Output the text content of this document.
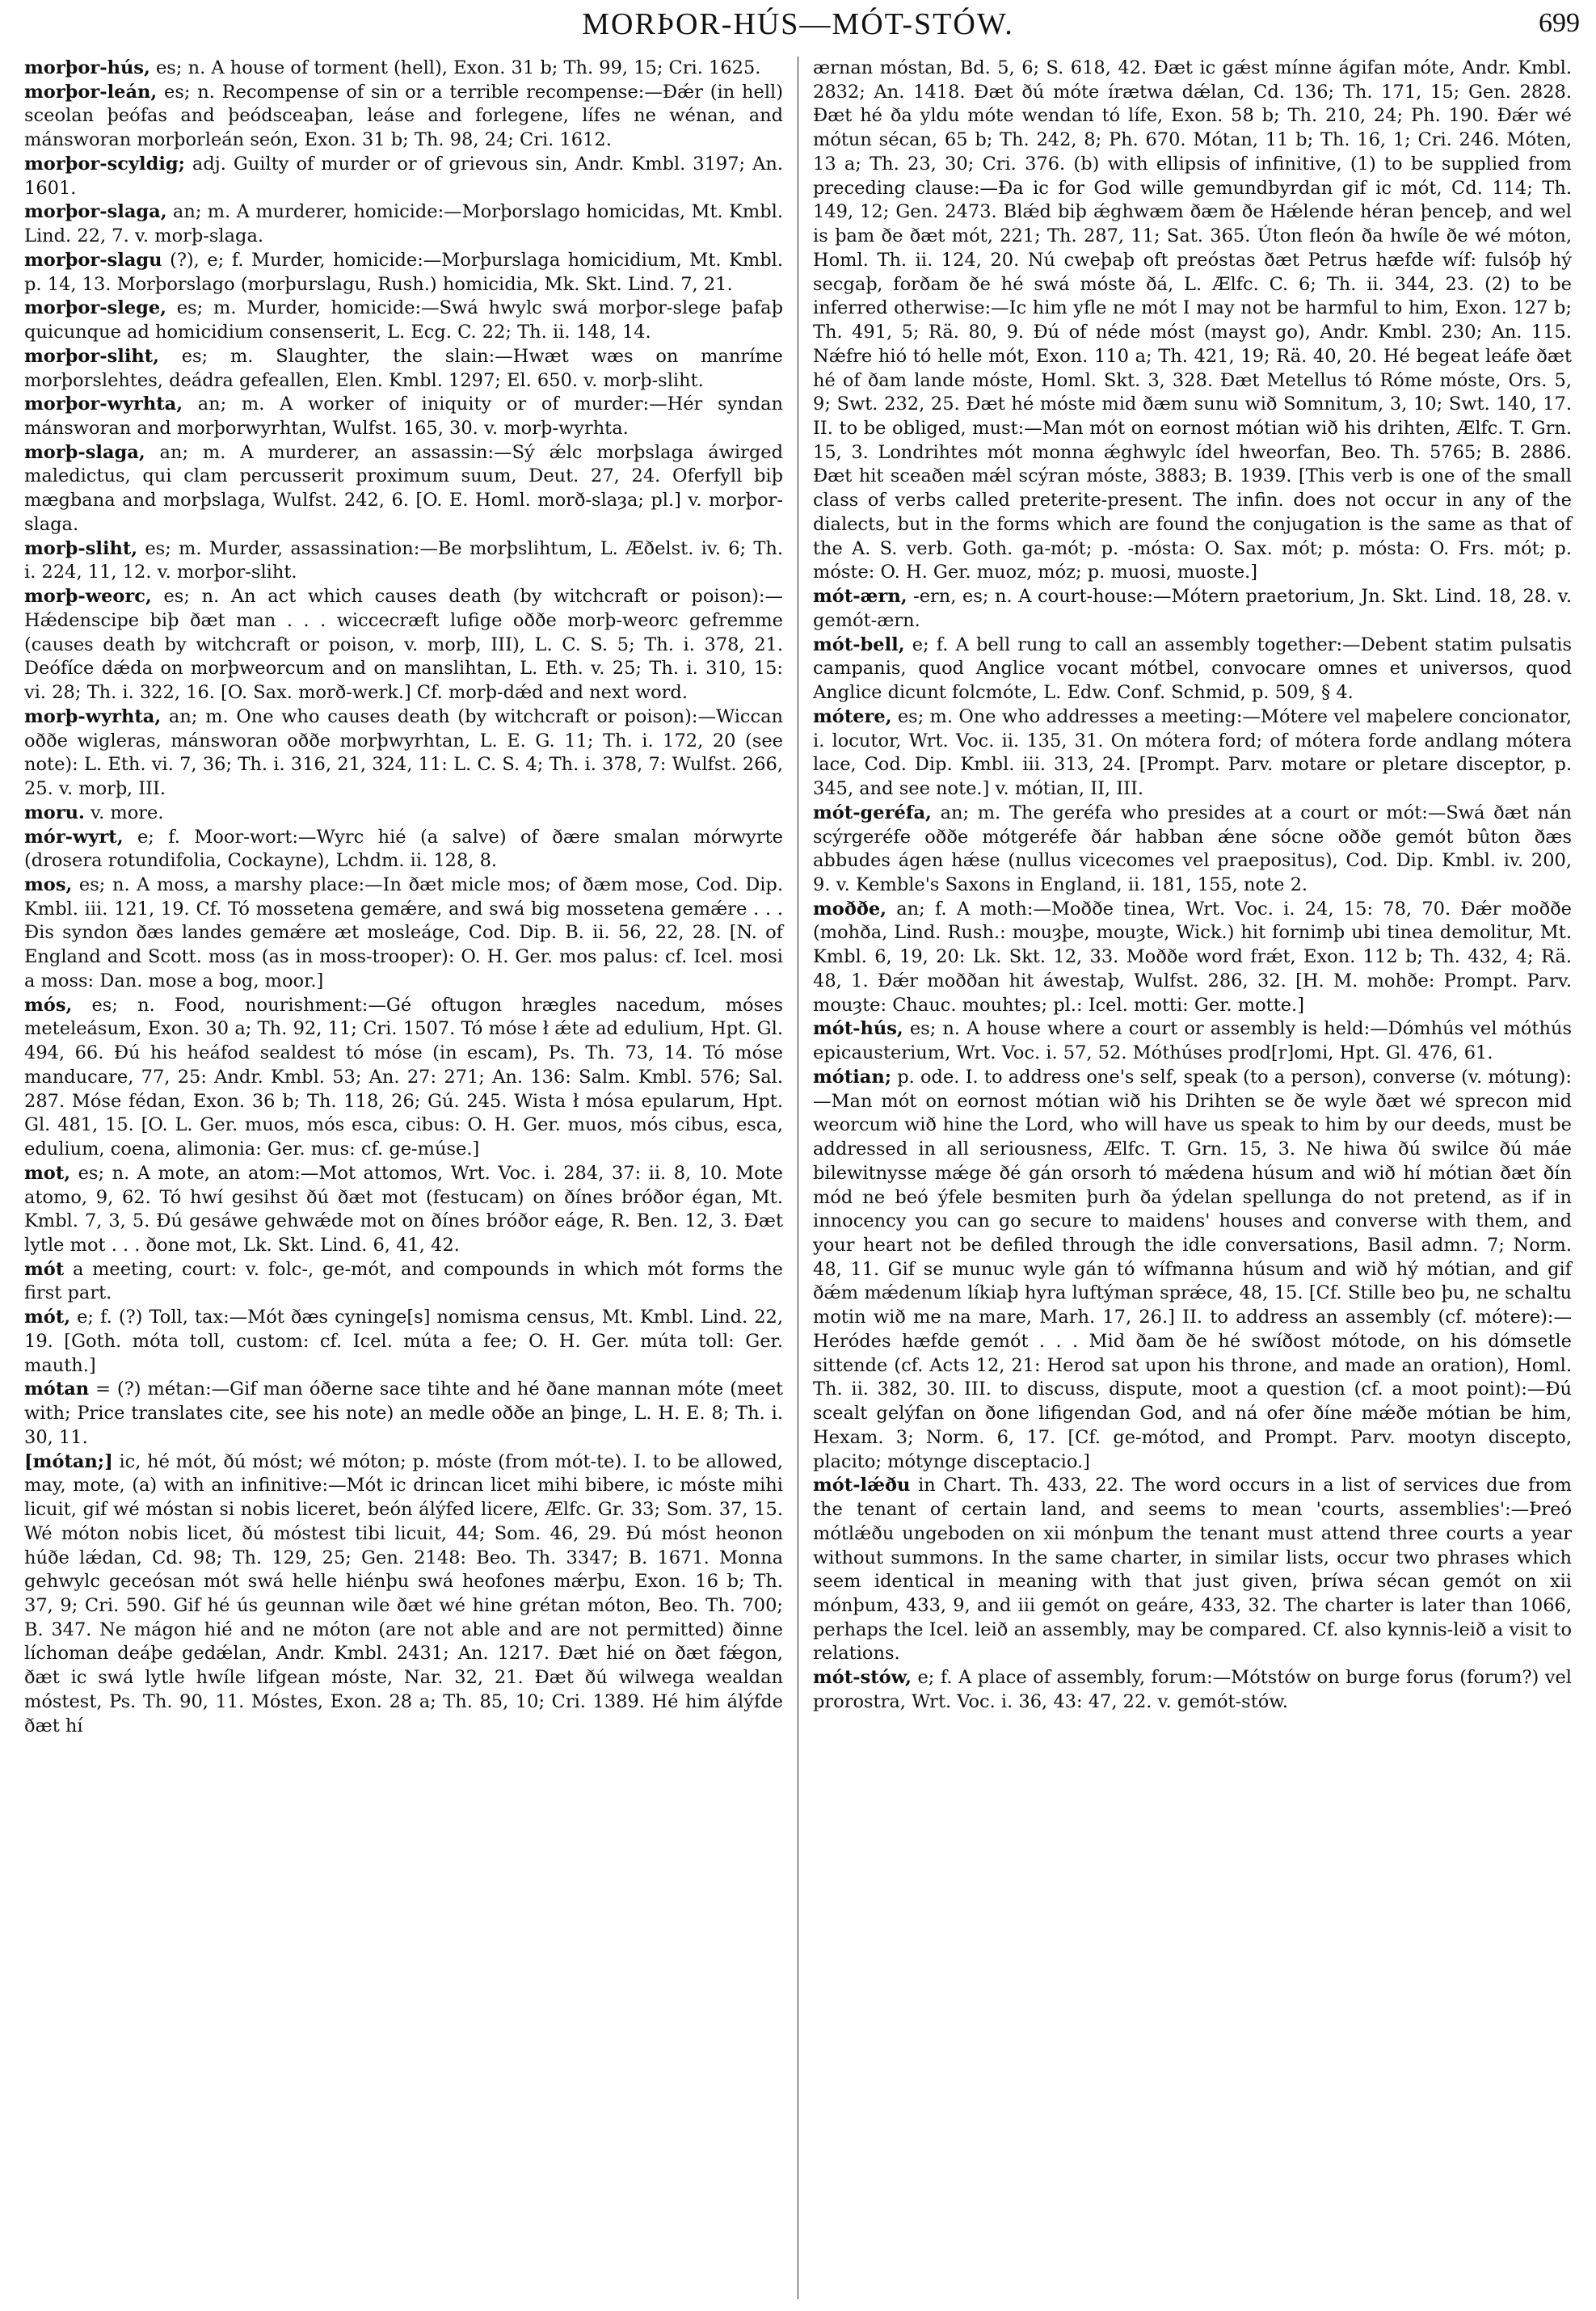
MORÞOR-HÚS—MÓT-STÓW.	699

morþor-hús, es; n. A house of torment (hell), Exon. 31 b; Th. 99, 15; Cri. 1625.

morþor-leán, es; n. Recompense of sin or a terrible recompense:—Ðǽr (in hell) sceolan þeófas and þeódsceaþan, leáse and forlegene, lífes ne wénan, and mánsworan morþorleán seón, Exon. 31 b; Th. 98, 24; Cri. 1612.

morþor-scyldig; adj. Guilty of murder or of grievous sin, Andr. Kmbl. 3197; An. 1601.

morþor-slaga, an; m. A murderer, homicide:—Morþorslago homicidas, Mt. Kmbl. Lind. 22, 7. v. morþ-slaga.

morþor-slagu (?), e; f. Murder, homicide:—Morþurslaga homicidium, Mt. Kmbl. p. 14, 13. Morþorslago (morþurslagu, Rush.) homicidia, Mk. Skt. Lind. 7, 21.

morþor-slege, es; m. Murder, homicide:—Swá hwylc swá morþor-slege þafaþ quicunque ad homicidium consenserit, L. Ecg. C. 22; Th. ii. 148, 14.

morþor-sliht, es; m. Slaughter, the slain:—Hwæt wæs on manríme morþorslehtes, deádra gefeallen, Elen. Kmbl. 1297; El. 650. v. morþ-sliht.

morþor-wyrhta, an; m. A worker of iniquity or of murder:—Hér syndan mánsworan and morþorwyrhtan, Wulfst. 165, 30. v. morþ-wyrhta.

morþ-slaga, an; m. A murderer, an assassin:—Sý ǽlc morþslaga áwirged maledictus, qui clam percusserit proximum suum, Deut. 27, 24. Oferfyll biþ mægbana and morþslaga, Wulfst. 242, 6. [O. E. Homl. morð-slaȝa; pl.] v. morþor-slaga.

morþ-sliht, es; m. Murder, assassination:—Be morþslihtum, L. Æðelst. iv. 6; Th. i. 224, 11, 12. v. morþor-sliht.

morþ-weorc, es; n. An act which causes death (by witchcraft or poison):—Hǽdenscipe biþ ðæt man . . . wiccecræft lufige oððe morþ-weorc gefremme (causes death by witchcraft or poison, v. morþ, III), L. C. S. 5; Th. i. 378, 21. Deófíce dǽda on morþweorcum and on manslihtan, L. Eth. v. 25; Th. i. 310, 15: vi. 28; Th. i. 322, 16. [O. Sax. morð-werk.] Cf. morþ-dǽd and next word.

morþ-wyrhta, an; m. One who causes death (by witchcraft or poison):—Wiccan oððe wigleras, mánsworan oððe morþwyrhtan, L. E. G. 11; Th. i. 172, 20 (see note): L. Eth. vi. 7, 36; Th. i. 316, 21, 324, 11: L. C. S. 4; Th. i. 378, 7: Wulfst. 266, 25. v. morþ, III.

moru. v. more.

mór-wyrt, e; f. Moor-wort:—Wyrc hié (a salve) of ðære smalan mórwyrte (drosera rotundifolia, Cockayne), Lchdm. ii. 128, 8.

mos, es; n. A moss, a marshy place:—In ðæt micle mos; of ðæm mose, Cod. Dip. Kmbl. iii. 121, 19. Cf. Tó mossetena gemǽre, and swá big mossetena gemǽre . . . Ðis syndon ðæs landes gemǽre æt mosleáge, Cod. Dip. B. ii. 56, 22, 28. [N. of England and Scott. moss (as in moss-trooper): O. H. Ger. mos palus: cf. Icel. mosi a moss: Dan. mose a bog, moor.]

mós, es; n. Food, nourishment:—Gé oftugon hrægles nacedum, móses meteleásum, Exon. 30 a; Th. 92, 11; Cri. 1507. Tó móse ł ǽte ad edulium, Hpt. Gl. 494, 66. Ðú his heáfod sealdest tó móse (in escam), Ps. Th. 73, 14. Tó móse manducare, 77, 25: Andr. Kmbl. 53; An. 27: 271; An. 136: Salm. Kmbl. 576; Sal. 287. Móse fédan, Exon. 36 b; Th. 118, 26; Gú. 245. Wista ł mósa epularum, Hpt. Gl. 481, 15. [O. L. Ger. muos, mós esca, cibus: O. H. Ger. muos, mós cibus, esca, edulium, coena, alimonia: Ger. mus: cf. ge-múse.]

mot, es; n. A mote, an atom:—Mot attomos, Wrt. Voc. i. 284, 37: ii. 8, 10. Mote atomo, 9, 62. Tó hwí gesihst ðú ðæt mot (festucam) on ðínes bróðor égan, Mt. Kmbl. 7, 3, 5. Ðú gesáwe gehwǽde mot on ðínes bróðor eáge, R. Ben. 12, 3. Ðæt lytle mot . . . ðone mot, Lk. Skt. Lind. 6, 41, 42.

mót a meeting, court: v. folc-, ge-mót, and compounds in which mót forms the first part.

mót, e; f. (?) Toll, tax:—Mót ðæs cyninge[s] nomisma census, Mt. Kmbl. Lind. 22, 19. [Goth. móta toll, custom: cf. Icel. múta a fee; O. H. Ger. múta toll: Ger. mauth.]

mótan = (?) métan:—Gif man óðerne sace tihte and hé ðane mannan móte (meet with; Price translates cite, see his note) an medle oððe an þinge, L. H. E. 8; Th. i. 30, 11.

[mótan;] ic, hé mót, ðú móst; wé móton; p. móste (from mót-te). I. to be allowed, may, mote, (a) with an infinitive:—Mót ic drincan licet mihi bibere, ic móste mihi licuit, gif wé móstan si nobis liceret, beón álýfed licere, Ælfc. Gr. 33; Som. 37, 15. Wé móton nobis licet, ðú móstest tibi licuit, 44; Som. 46, 29. Ðú móst heonon húðe lǽdan, Cd. 98; Th. 129, 25; Gen. 2148: Beo. Th. 3347; B. 1671. Monna gehwylc geceósan mót swá helle hiénþu swá heofones mǽrþu, Exon. 16 b; Th. 37, 9; Cri. 590. Gif hé ús geunnan wile ðæt wé hine grétan móton, Beo. Th. 700; B. 347. Ne mágon hié and ne móton (are not able and are not permitted) ðinne líchoman deáþe gedǽlan, Andr. Kmbl. 2431; An. 1217. Ðæt hié on ðæt fǽgon, ðæt ic swá lytle hwíle lifgean móste, Nar. 32, 21. Ðæt ðú wilwega wealdan móstest, Ps. Th. 90, 11. Móstes, Exon. 28 a; Th. 85, 10; Cri. 1389. Hé him álýfde ðæt hí

ærnan móstan, Bd. 5, 6; S. 618, 42. Ðæt ic gǽst mínne ágifan móte, Andr. Kmbl. 2832; An. 1418. Ðæt ðú móte írætwa dǽlan, Cd. 136; Th. 171, 15; Gen. 2828. Ðæt hé ða yldu móte wendan tó lífe, Exon. 58 b; Th. 210, 24; Ph. 190. Ðǽr wé mótun sécan, 65 b; Th. 242, 8; Ph. 670. Mótan, 11 b; Th. 16, 1; Cri. 246. Móten, 13 a; Th. 23, 30; Cri. 376. (b) with ellipsis of infinitive, (1) to be supplied from preceding clause:—Ða ic for God wille gemundbyrdan gif ic mót, Cd. 114; Th. 149, 12; Gen. 2473. Blǽd biþ ǽghwæm ðæm ðe Hǽlende héran þenceþ, and wel is þam ðe ðæt mót, 221; Th. 287, 11; Sat. 365. Úton fleón ða hwíle ðe wé móton, Homl. Th. ii. 124, 20. Nú cweþaþ oft preóstas ðæt Petrus hæfde wíf: fulsóþ hý secgaþ, forðam ðe hé swá móste ðá, L. Ælfc. C. 6; Th. ii. 344, 23. (2) to be inferred otherwise:—Ic him yfle ne mót I may not be harmful to him, Exon. 127 b; Th. 491, 5; Rä. 80, 9. Ðú of néde móst (mayst go), Andr. Kmbl. 230; An. 115. Nǽfre hió tó helle mót, Exon. 110 a; Th. 421, 19; Rä. 40, 20. Hé begeat leáfe ðæt hé of ðam lande móste, Homl. Skt. 3, 328. Ðæt Metellus tó Róme móste, Ors. 5, 9; Swt. 232, 25. Ðæt hé móste mid ðæm sunu wið Somnitum, 3, 10; Swt. 140, 17. II. to be obliged, must:—Man mót on eornost mótian wið his drihten, Ælfc. T. Grn. 15, 3. Londrihtes mót monna ǽghwylc ídel hweorfan, Beo. Th. 5765; B. 2886. Ðæt hit sceaðen mǽl scýran móste, 3883; B. 1939. [This verb is one of the small class of verbs called preterite-present. The infin. does not occur in any of the dialects, but in the forms which are found the conjugation is the same as that of the A. S. verb. Goth. ga-mót; p. -mósta: O. Sax. mót; p. mósta: O. Frs. mót; p. móste: O. H. Ger. muoz, móz; p. muosi, muoste.]

mót-ærn, -ern, es; n. A court-house:—Mótern praetorium, Jn. Skt. Lind. 18, 28. v. gemót-ærn.

mót-bell, e; f. A bell rung to call an assembly together:—Debent statim pulsatis campanis, quod Anglice vocant mótbel, convocare omnes et universos, quod Anglice dicunt folcmóte, L. Edw. Conf. Schmid, p. 509, § 4.

mótere, es; m. One who addresses a meeting:—Mótere vel maþelere concionator, i. locutor, Wrt. Voc. ii. 135, 31. On mótera ford; of mótera forde andlang mótera lace, Cod. Dip. Kmbl. iii. 313, 24. [Prompt. Parv. motare or pletare disceptor, p. 345, and see note.] v. mótian, II, III.

mót-geréfa, an; m. The geréfa who presides at a court or mót:—Swá ðæt nán scýrgeréfe oððe mótgeréfe ðár habban ǽne sócne oððe gemót bûton ðæs abbudes ágen hǽse (nullus vicecomes vel praepositus), Cod. Dip. Kmbl. iv. 200, 9. v. Kemble's Saxons in England, ii. 181, 155, note 2.

moððe, an; f. A moth:—Moððe tinea, Wrt. Voc. i. 24, 15: 78, 70. Ðǽr moððe (mohða, Lind. Rush.: mouȝþe, mouȝte, Wick.) hit fornimþ ubi tinea demolitur, Mt. Kmbl. 6, 19, 20: Lk. Skt. 12, 33. Moððe word frǽt, Exon. 112 b; Th. 432, 4; Rä. 48, 1. Ðǽr moððan hit áwestaþ, Wulfst. 286, 32. [H. M. mohðe: Prompt. Parv. mouȝte: Chauc. mouhtes; pl.: Icel. motti: Ger. motte.]

mót-hús, es; n. A house where a court or assembly is held:—Dómhús vel móthús epicausterium, Wrt. Voc. i. 57, 52. Móthúses prod[r]omi, Hpt. Gl. 476, 61.

mótian; p. ode. I. to address one's self, speak (to a person), converse (v. mótung):—Man mót on eornost mótian wið his Drihten se ðe wyle ðæt wé sprecon mid weorcum wið hine the Lord, who will have us speak to him by our deeds, must be addressed in all seriousness, Ælfc. T. Grn. 15, 3. Ne hiwa ðú swilce ðú máe bilewitnysse mǽge ðé gán orsorh tó mǽdena húsum and wið hí mótian ðæt ðín mód ne beó ýfele besmiten þurh ða ýdelan spellunga do not pretend, as if in innocency you can go secure to maidens' houses and converse with them, and your heart not be defiled through the idle conversations, Basil admn. 7; Norm. 48, 11. Gif se munuc wyle gán tó wífmanna húsum and wið hý mótian, and gif ðǽm mǽdenum líkiaþ hyra luftýman sprǽce, 48, 15. [Cf. Stille beo þu, ne schaltu motin wið me na mare, Marh. 17, 26.] II. to address an assembly (cf. mótere):—Heródes hæfde gemót . . . Mid ðam ðe hé swíðost mótode, on his dómsetle sittende (cf. Acts 12, 21: Herod sat upon his throne, and made an oration), Homl. Th. ii. 382, 30. III. to discuss, dispute, moot a question (cf. a moot point):—Ðú scealt gelýfan on ðone lifigendan God, and ná ofer ðíne mǽðe mótian be him, Hexam. 3; Norm. 6, 17. [Cf. ge-mótod, and Prompt. Parv. mootyn discepto, placito; mótynge disceptacio.]

mót-lǽðu in Chart. Th. 433, 22. The word occurs in a list of services due from the tenant of certain land, and seems to mean 'courts, assemblies':—Þreó mótlǽðu ungeboden on xii mónþum the tenant must attend three courts a year without summons. In the same charter, in similar lists, occur two phrases which seem identical in meaning with that just given, þríwa sécan gemót on xii mónþum, 433, 9, and iii gemót on geáre, 433, 32. The charter is later than 1066, perhaps the Icel. leið an assembly, may be compared. Cf. also kynnis-leið a visit to relations.

mót-stów, e; f. A place of assembly, forum:—Mótstów on burge forus (forum?) vel prorostra, Wrt. Voc. i. 36, 43: 47, 22. v. gemót-stów.
